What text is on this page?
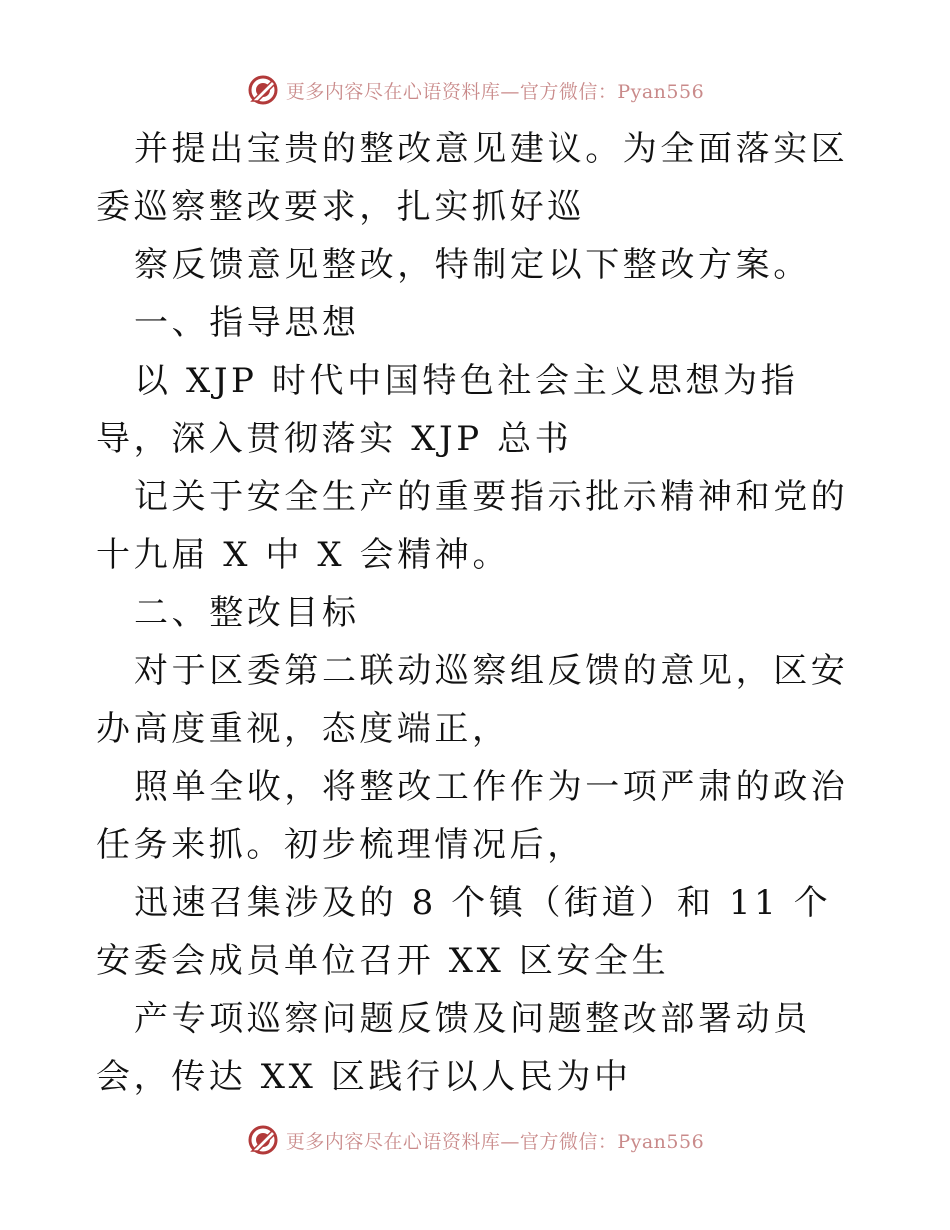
更多内容尽在心语资料库—官方微信：Pyan556

并提出宝贵的整改意见建议。为全面落实区委巡察整改要求，扎实抓好巡

察反馈意见整改，特制定以下整改方案。

一、指导思想

以 XJP 时代中国特色社会主义思想为指导，深入贯彻落实 XJP 总书

记关于安全生产的重要指示批示精神和党的十九届 X 中 X 会精神。

二、整改目标

对于区委第二联动巡察组反馈的意见，区安办高度重视，态度端正，

照单全收，将整改工作作为一项严肃的政治任务来抓。初步梳理情况后，

迅速召集涉及的 8 个镇（街道）和 11 个安委会成员单位召开 XX 区安全生

产专项巡察问题反馈及问题整改部署动员会，传达 XX 区践行以人民为中

更多内容尽在心语资料库—官方微信：Pyan556
